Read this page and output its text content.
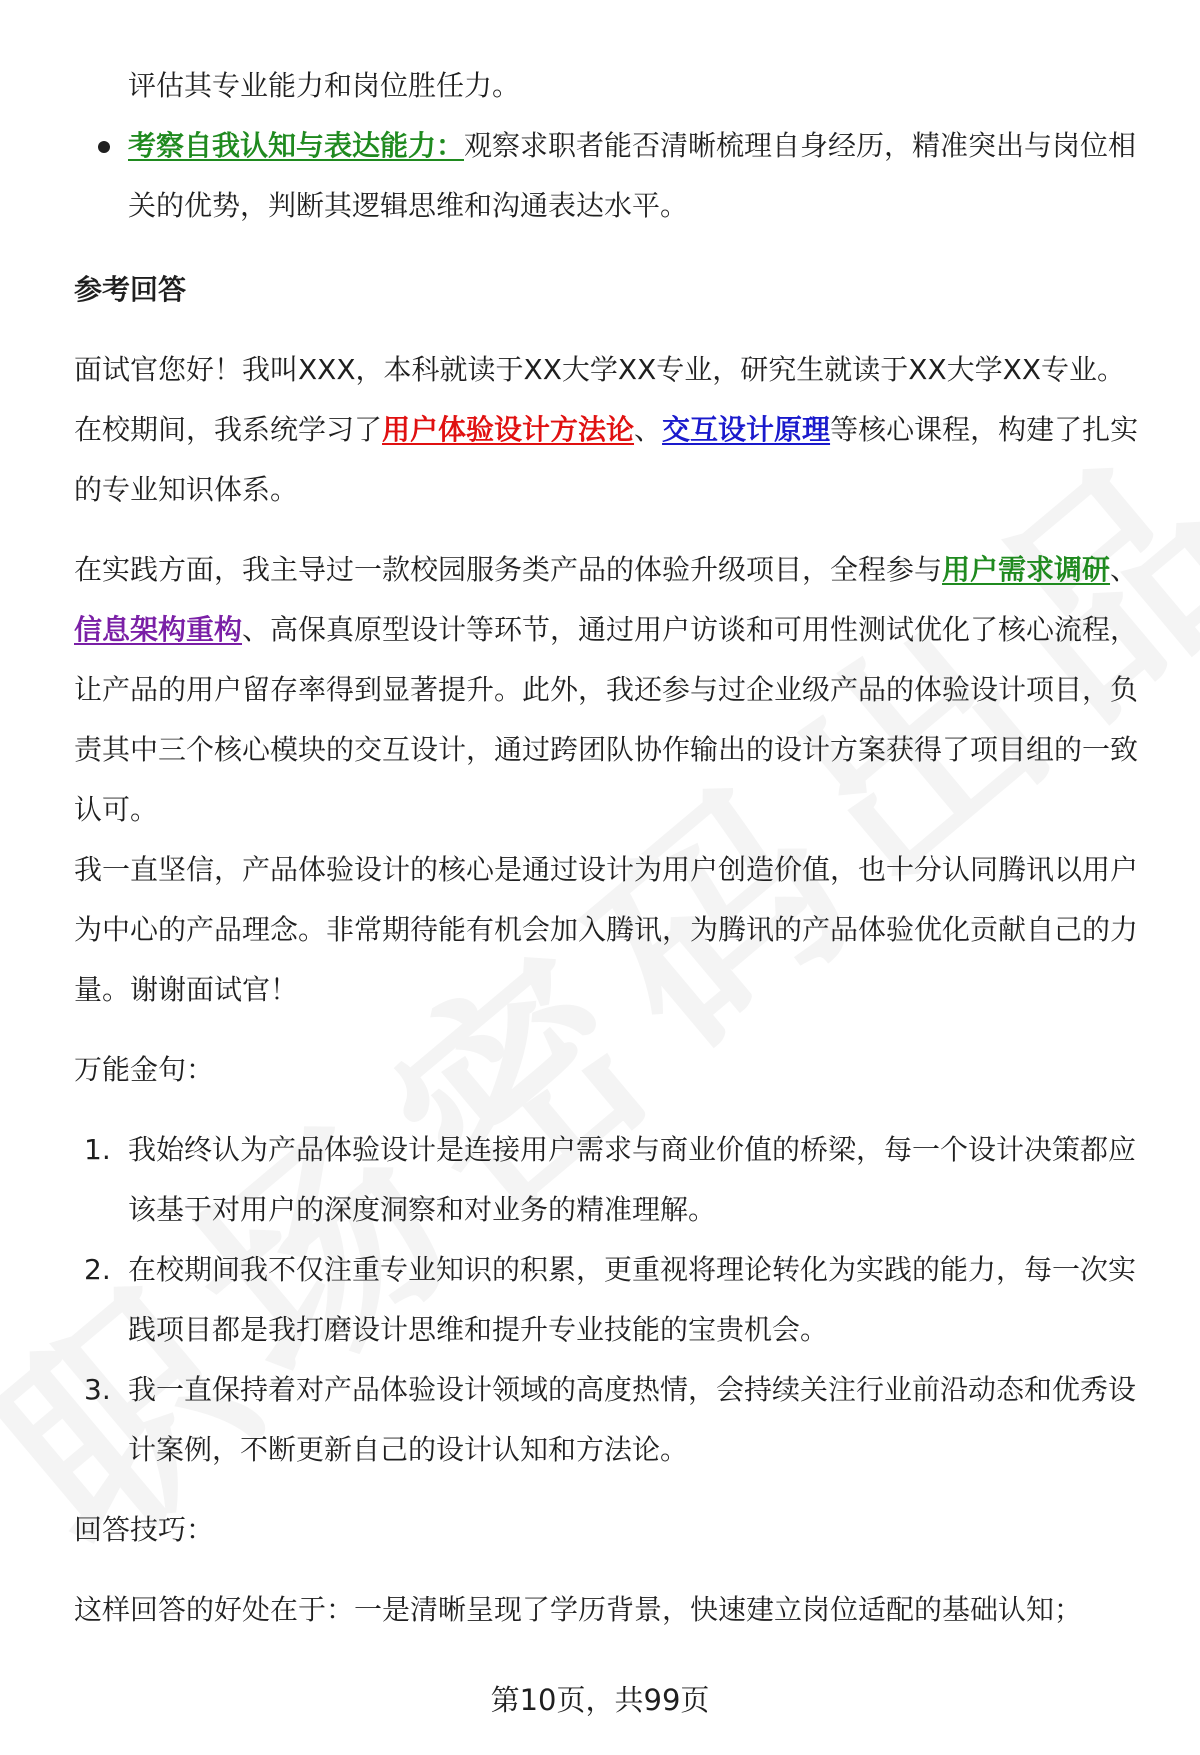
评估其专业能力和岗位胜任力。

考察自我认知与表达能力：观察求职者能否清晰梳理自身经历，精准突出与岗位相关的优势，判断其逻辑思维和沟通表达水平。

参考回答

面试官您好！我叫XXX，本科就读于XX大学XX专业，研究生就读于XX大学XX专业。在校期间，我系统学习了用户体验设计方法论、交互设计原理等核心课程，构建了扎实的专业知识体系。

在实践方面，我主导过一款校园服务类产品的体验升级项目，全程参与用户需求调研、信息架构重构、高保真原型设计等环节，通过用户访谈和可用性测试优化了核心流程，让产品的用户留存率得到显著提升。此外，我还参与过企业级产品的体验设计项目，负责其中三个核心模块的交互设计，通过跨团队协作输出的设计方案获得了项目组的一致认可。

我一直坚信，产品体验设计的核心是通过设计为用户创造价值，也十分认同腾讯以用户为中心的产品理念。非常期待能有机会加入腾讯，为腾讯的产品体验优化贡献自己的力量。谢谢面试官！

万能金句：

1. 我始终认为产品体验设计是连接用户需求与商业价值的桥梁，每一个设计决策都应该基于对用户的深度洞察和对业务的精准理解。
2. 在校期间我不仅注重专业知识的积累，更重视将理论转化为实践的能力，每一次实践项目都是我打磨设计思维和提升专业技能的宝贵机会。
3. 我一直保持着对产品体验设计领域的高度热情，会持续关注行业前沿动态和优秀设计案例，不断更新自己的设计认知和方法论。

回答技巧：

这样回答的好处在于：一是清晰呈现了学历背景，快速建立岗位适配的基础认知；

第10页，共99页
